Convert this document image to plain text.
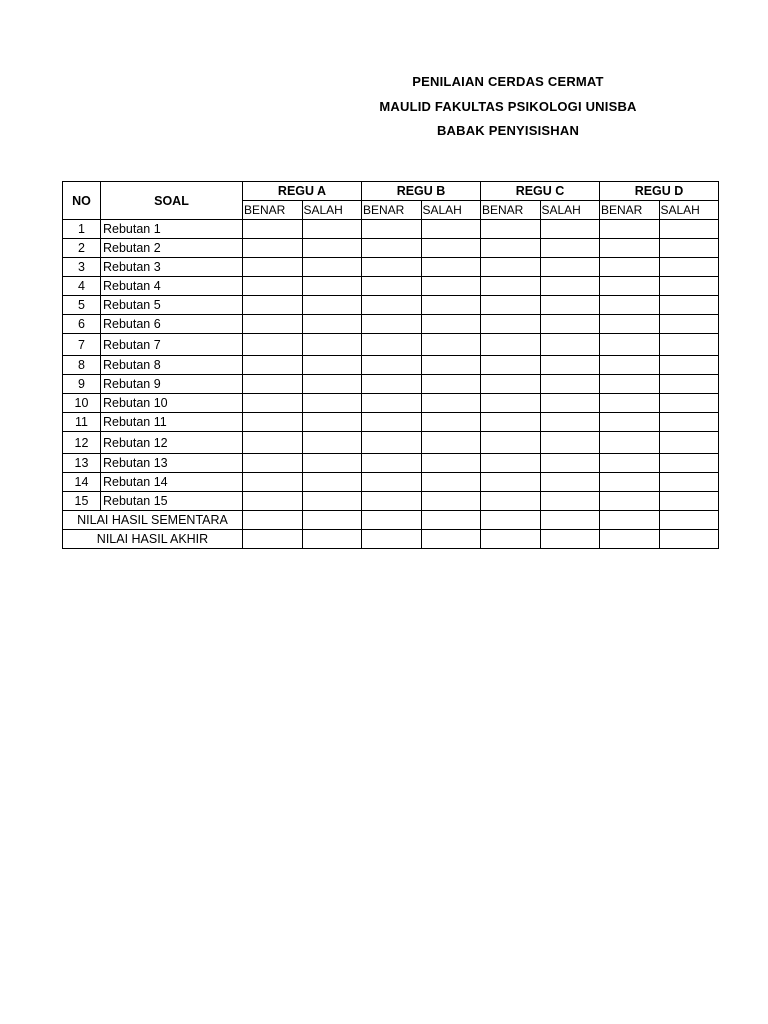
PENILAIAN CERDAS CERMAT
MAULID FAKULTAS PSIKOLOGI UNISBA
BABAK PENYISISHAN
NO	SOAL	REGU A		REGU B		REGU C		REGU D	
		BENAR	SALAH	BENAR	SALAH	BENAR	SALAH	BENAR	SALAH
1	Rebutan 1								
2	Rebutan 2								
3	Rebutan 3								
4	Rebutan 4								
5	Rebutan 5								
6	Rebutan 6								
7	Rebutan 7								
8	Rebutan 8								
9	Rebutan 9								
10	Rebutan 10								
11	Rebutan 11								
12	Rebutan 12								
13	Rebutan 13								
14	Rebutan 14								
15	Rebutan 15								
NILAI HASIL SEMENTARA									
NILAI HASIL AKHIR									
